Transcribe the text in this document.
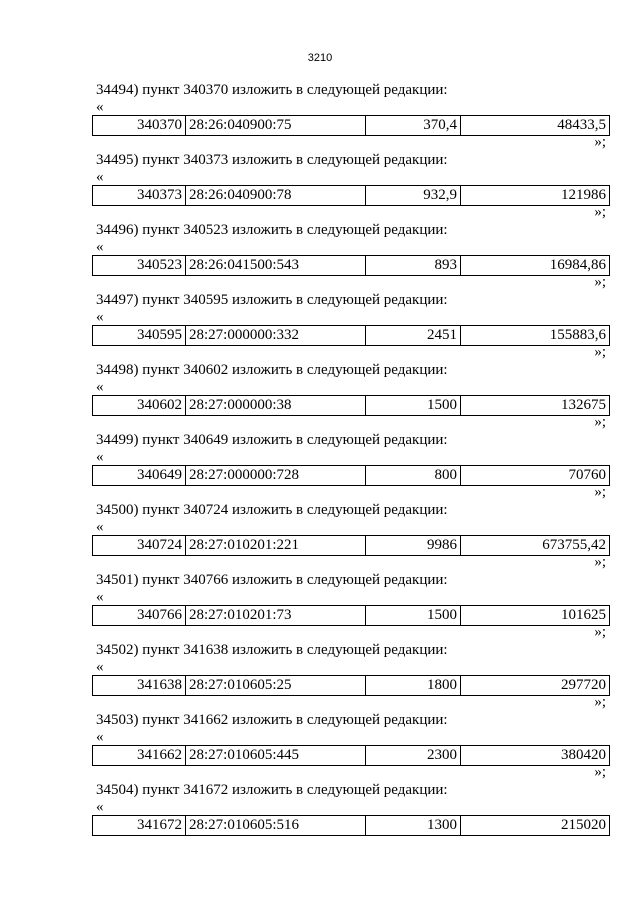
3210
34494) пункт 340370 изложить в следующей редакции:
«
340370 28:26:040900:75	370,4	48433,5
»;
34495) пункт 340373 изложить в следующей редакции:
«
340373 28:26:040900:78	932,9	121986
»;
34496) пункт 340523 изложить в следующей редакции:
«
340523 28:26:041500:543	893	16984,86
»;
34497) пункт 340595 изложить в следующей редакции:
«
340595 28:27:000000:332	2451	155883,6
»;
34498) пункт 340602 изложить в следующей редакции:
«
340602 28:27:000000:38	1500	132675
»;
34499) пункт 340649 изложить в следующей редакции:
«
340649 28:27:000000:728	800	70760
»;
34500) пункт 340724 изложить в следующей редакции:
«
340724 28:27:010201:221	9986	673755,42
»;
34501) пункт 340766 изложить в следующей редакции:
«
340766 28:27:010201:73	1500	101625
»;
34502) пункт 341638 изложить в следующей редакции:
«
341638 28:27:010605:25	1800	297720
»;
34503) пункт 341662 изложить в следующей редакции:
«
341662 28:27:010605:445	2300	380420
»;
34504) пункт 341672 изложить в следующей редакции:
«
341672 28:27:010605:516	1300	215020
